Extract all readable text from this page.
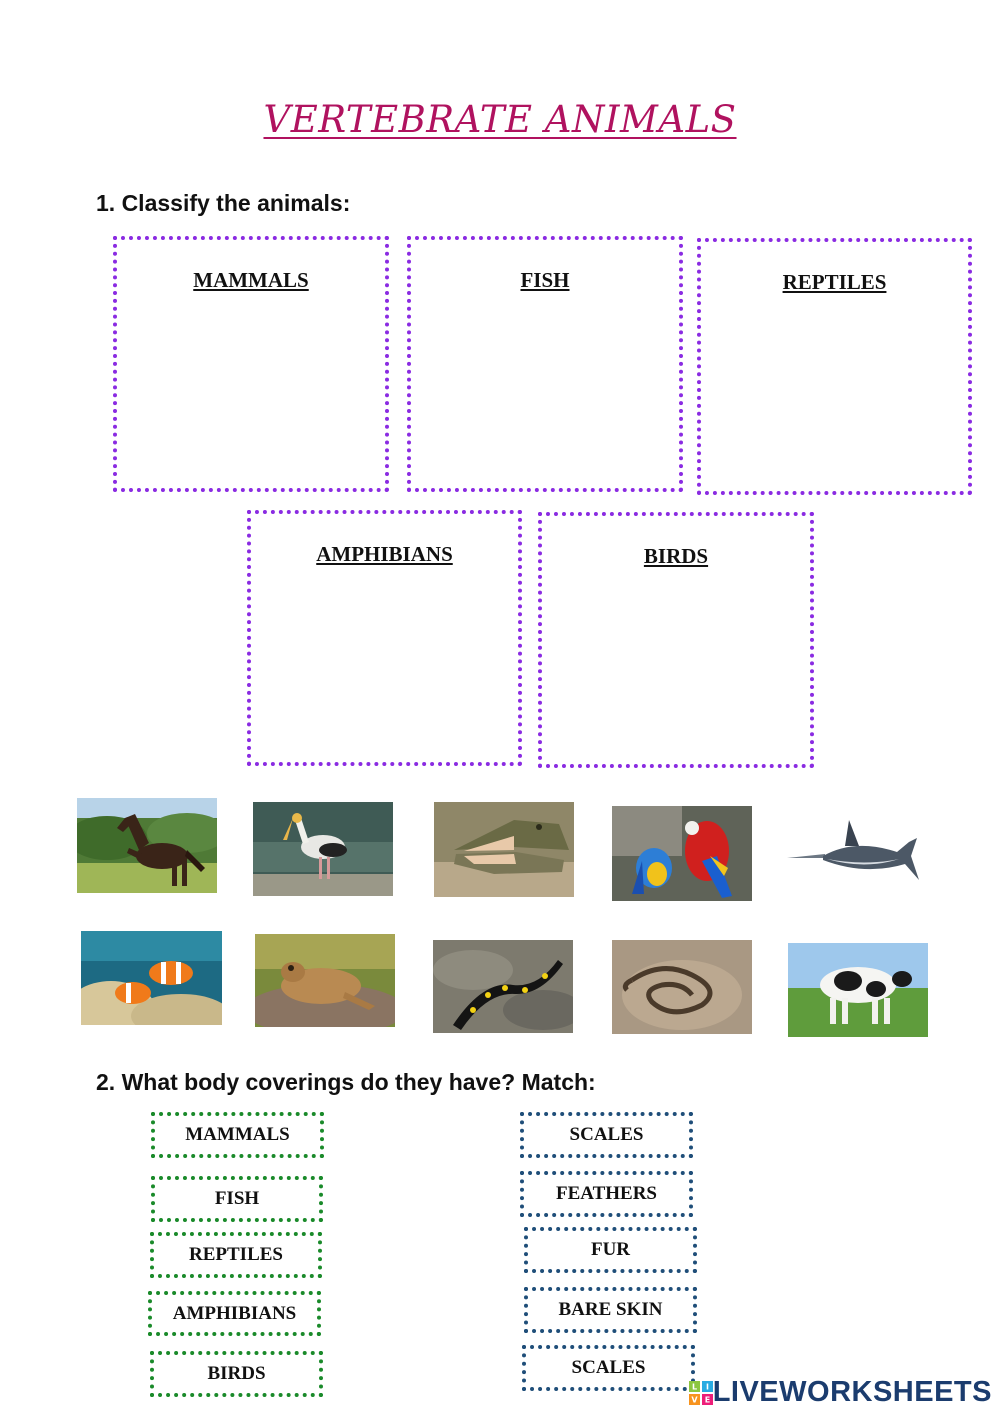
VERTEBRATE ANIMALS
1. Classify the animals:
MAMMALS	FISH	REPTILES
AMPHIBIANS	BIRDS
2. What body coverings do they have? Match:
MAMMALS
FISH
REPTILES
AMPHIBIANS
BIRDS
SCALES
FEATHERS
FUR
BARE SKIN
SCALES
L I
V E LIVEWORKSHEETS
